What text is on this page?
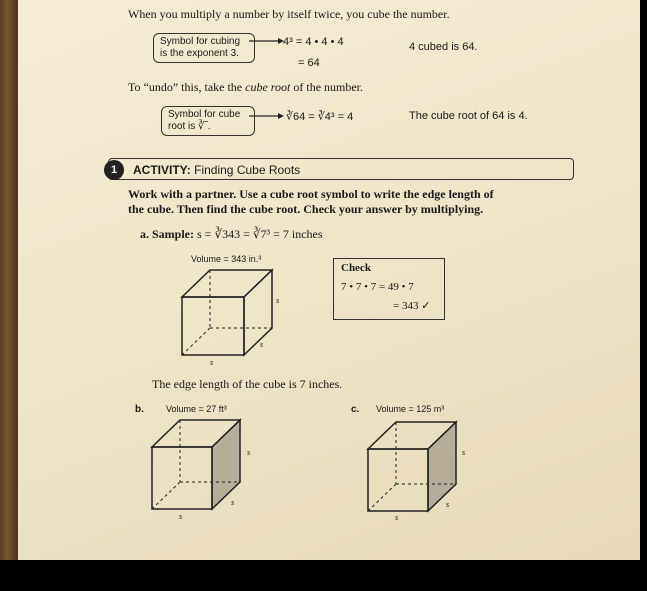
When you multiply a number by itself twice, you cube the number.
Symbol for cubing
is the exponent 3.
4³ = 4 • 4 • 4
= 64
4 cubed is 64.
To “undo” this, take the cube root of the number.
Symbol for cube
root is ∛‾.
∛64 = ∛4³ = 4	The cube root of 64 is 4.
1	ACTIVITY: Finding Cube Roots
Work with a partner. Use a cube root symbol to write the edge length of
the cube. Then find the cube root. Check your answer by multiplying.
a. Sample: s = ∛343 = ∛7³ = 7 inches
Volume = 343 in.³
s
s
s
Check
7 • 7 • 7 = 49 • 7
= 343 ✓
The edge length of the cube is 7 inches.
b. Volume = 27 ft³
s
s
s
c. Volume = 125 m³
s
s
s
